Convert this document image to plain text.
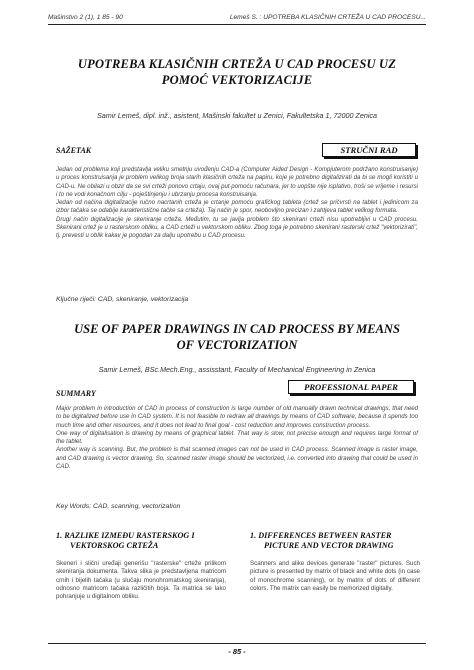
Mašinstvo 2 (1), 1 85 - 90	Lemeš S. : UPOTREBA KLASIČNIH CRTEŽA U CAD PROCESU...
UPOTREBA KLASIČNIH CRTEŽA U CAD PROCESU UZ
POMOĆ VEKTORIZACIJE
Samir Lemeš, dipl. inž., asistent, Mašinski fakultet u Zenici, Fakultetska 1, 72000 Zenica
SAŽETAK	STRUČNI RAD

Jedan od problema koji predstavlja veliku smetnju uvođenju CAD-a (Computer Aided Design - Kompjuterom podržano konstruisanje) u proces konstruisanja je problem velikog broja starih klasičnih crteža na papiru, koje je potrebno digitalizirati da bi se mogli koristiti u CAD-u. Ne obilazi u obzir da se svi crteži ponovo crtaju, ovaj put pomoću računara, jer to uopšte nije isplativo, troši se vrijeme i resursi i to ne vodi konačnom cilju - poještinjenju i ubrzanju procesa konstruisanja.

Jedan od načina digitalizacije ručno nacrtanih crteža je crtanje pomoću grafičkog tableta (crtež se pričvrsti na tablet i jedinicom za izbor tačaka se odabije karakteristične tačke sa crteža). Taj način je spor, neobovljno precizan i zahtjeva tablet velikog formata.

Drugi način digitalizacije je skeniranje crteža. Međutim, tu se javlja problem što skenirani crteži nisu upotrebljivi u CAD procesu. Skenirani crtež je u rasterskom obliku, a CAD crteži u vektorskom obliku. Zbog toga je potrebno skenirani rasterski crtež "vektorizirati", tj. prevesti u oblik kakav je pogodan za dalju upotrebu u CAD procesu.

Ključne riječi: CAD, skeniranje, vektorizacija
USE OF PAPER DRAWINGS IN CAD PROCESS BY MEANS
OF VECTORIZATION
Samir Lemeš, BSc.Mech.Eng., assisstant, Faculty of Mechanical Engineering in Zenica
SUMMARY
PROFESSIONAL PAPER

Major problem in introduction of CAD in process of construction is large number of old manually drawn technical drawings, that need to be digitalized before use in CAD system. It is not feasible to redraw all drawings by means of CAD software, because it spends too much time and other resources, and it does not lead to final goal - cost reduction and improves construction process.

One way of digitalisation is drawing by means of graphical tablet. That way is slow, not precise enough and requires large format of the tablet.

Another way is scanning. But, the problem is that scanned images can not be used in CAD process. Scanned image is raster image, and CAD drawing is vector drawing. So, scanned raster image should be vectorized, i.e. converted into drawing that could be used in CAD.

Key Words: CAD, scanning, vectorization
1. RAZLIKE IZMEĐU RASTERSKOG I
VEKTORSKOG CRTEŽA
Skeneri i slični uređaji generišu "rasterske" crteže prilikom skeniranja dokumenta. Takva slika je predstavljena matricom crnih i bijelih tačaka (u slučaju monohromatskog skeniranja), odnosno matricom tačaka različitih boja. Ta matrica se lako pohranjuje u digitalnom obliku.
1. DIFFERENCES BETWEEN RASTER
PICTURE AND VECTOR DRAWING
Scanners and alike devices generate "raster" pictures. Such picture is presented by matrix of black and white dots (in case of monochrome scanning), or by matrix of dots of different colors. The matrix can easily be memorized digitally.
- 85 -
